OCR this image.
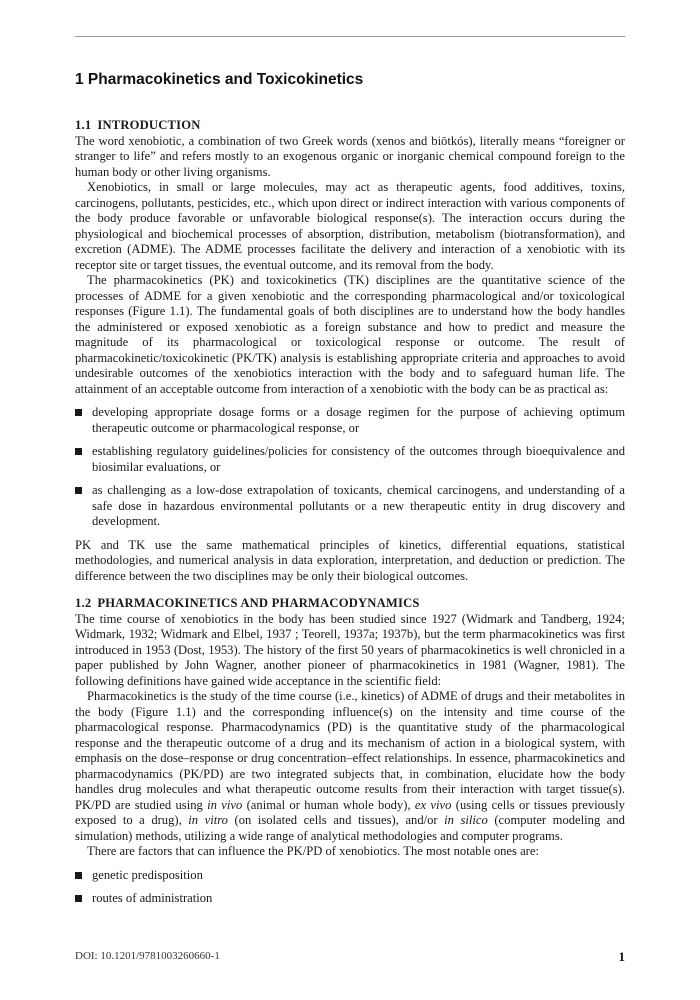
1 Pharmacokinetics and Toxicokinetics
1.1 INTRODUCTION

The word xenobiotic, a combination of two Greek words (xenos and biōtkós), literally means “foreigner or stranger to life” and refers mostly to an exogenous organic or inorganic chemical compound foreign to the human body or other living organisms.

Xenobiotics, in small or large molecules, may act as therapeutic agents, food additives, toxins, carcinogens, pollutants, pesticides, etc., which upon direct or indirect interaction with various components of the body produce favorable or unfavorable biological response(s). The interaction occurs during the physiological and biochemical processes of absorption, distribution, metabolism (biotransformation), and excretion (ADME). The ADME processes facilitate the delivery and interaction of a xenobiotic with its receptor site or target tissues, the eventual outcome, and its removal from the body.

The pharmacokinetics (PK) and toxicokinetics (TK) disciplines are the quantitative science of the processes of ADME for a given xenobiotic and the corresponding pharmacological and/or toxicological responses (Figure 1.1). The fundamental goals of both disciplines are to understand how the body handles the administered or exposed xenobiotic as a foreign substance and how to predict and measure the magnitude of its pharmacological or toxicological response or outcome. The result of pharmacokinetic/toxicokinetic (PK/TK) analysis is establishing appropriate criteria and approaches to avoid undesirable outcomes of the xenobiotics interaction with the body and to safeguard human life. The attainment of an acceptable outcome from interaction of a xenobiotic with the body can be as practical as:

developing appropriate dosage forms or a dosage regimen for the purpose of achieving optimum therapeutic outcome or pharmacological response, or
establishing regulatory guidelines/policies for consistency of the outcomes through bioequivalence and biosimilar evaluations, or
as challenging as a low-dose extrapolation of toxicants, chemical carcinogens, and understanding of a safe dose in hazardous environmental pollutants or a new therapeutic entity in drug discovery and development.

PK and TK use the same mathematical principles of kinetics, differential equations, statistical methodologies, and numerical analysis in data exploration, interpretation, and deduction or prediction. The difference between the two disciplines may be only their biological outcomes.

1.2 PHARMACOKINETICS AND PHARMACODYNAMICS

The time course of xenobiotics in the body has been studied since 1927 (Widmark and Tandberg, 1924; Widmark, 1932; Widmark and Elbel, 1937 ; Teorell, 1937a; 1937b), but the term pharmacokinetics was first introduced in 1953 (Dost, 1953). The history of the first 50 years of pharmacokinetics is well chronicled in a paper published by John Wagner, another pioneer of pharmacokinetics in 1981 (Wagner, 1981). The following definitions have gained wide acceptance in the scientific field:

Pharmacokinetics is the study of the time course (i.e., kinetics) of ADME of drugs and their metabolites in the body (Figure 1.1) and the corresponding influence(s) on the intensity and time course of the pharmacological response. Pharmacodynamics (PD) is the quantitative study of the pharmacological response and the therapeutic outcome of a drug and its mechanism of action in a biological system, with emphasis on the dose–response or drug concentration–effect relationships. In essence, pharmacokinetics and pharmacodynamics (PK/PD) are two integrated subjects that, in combination, elucidate how the body handles drug molecules and what therapeutic outcome results from their interaction with target tissue(s). PK/PD are studied using in vivo (animal or human whole body), ex vivo (using cells or tissues previously exposed to a drug), in vitro (on isolated cells and tissues), and/or in silico (computer modeling and simulation) methods, utilizing a wide range of analytical methodologies and computer programs.

There are factors that can influence the PK/PD of xenobiotics. The most notable ones are:

genetic predisposition
routes of administration
DOI: 10.1201/9781003260660-1	1
